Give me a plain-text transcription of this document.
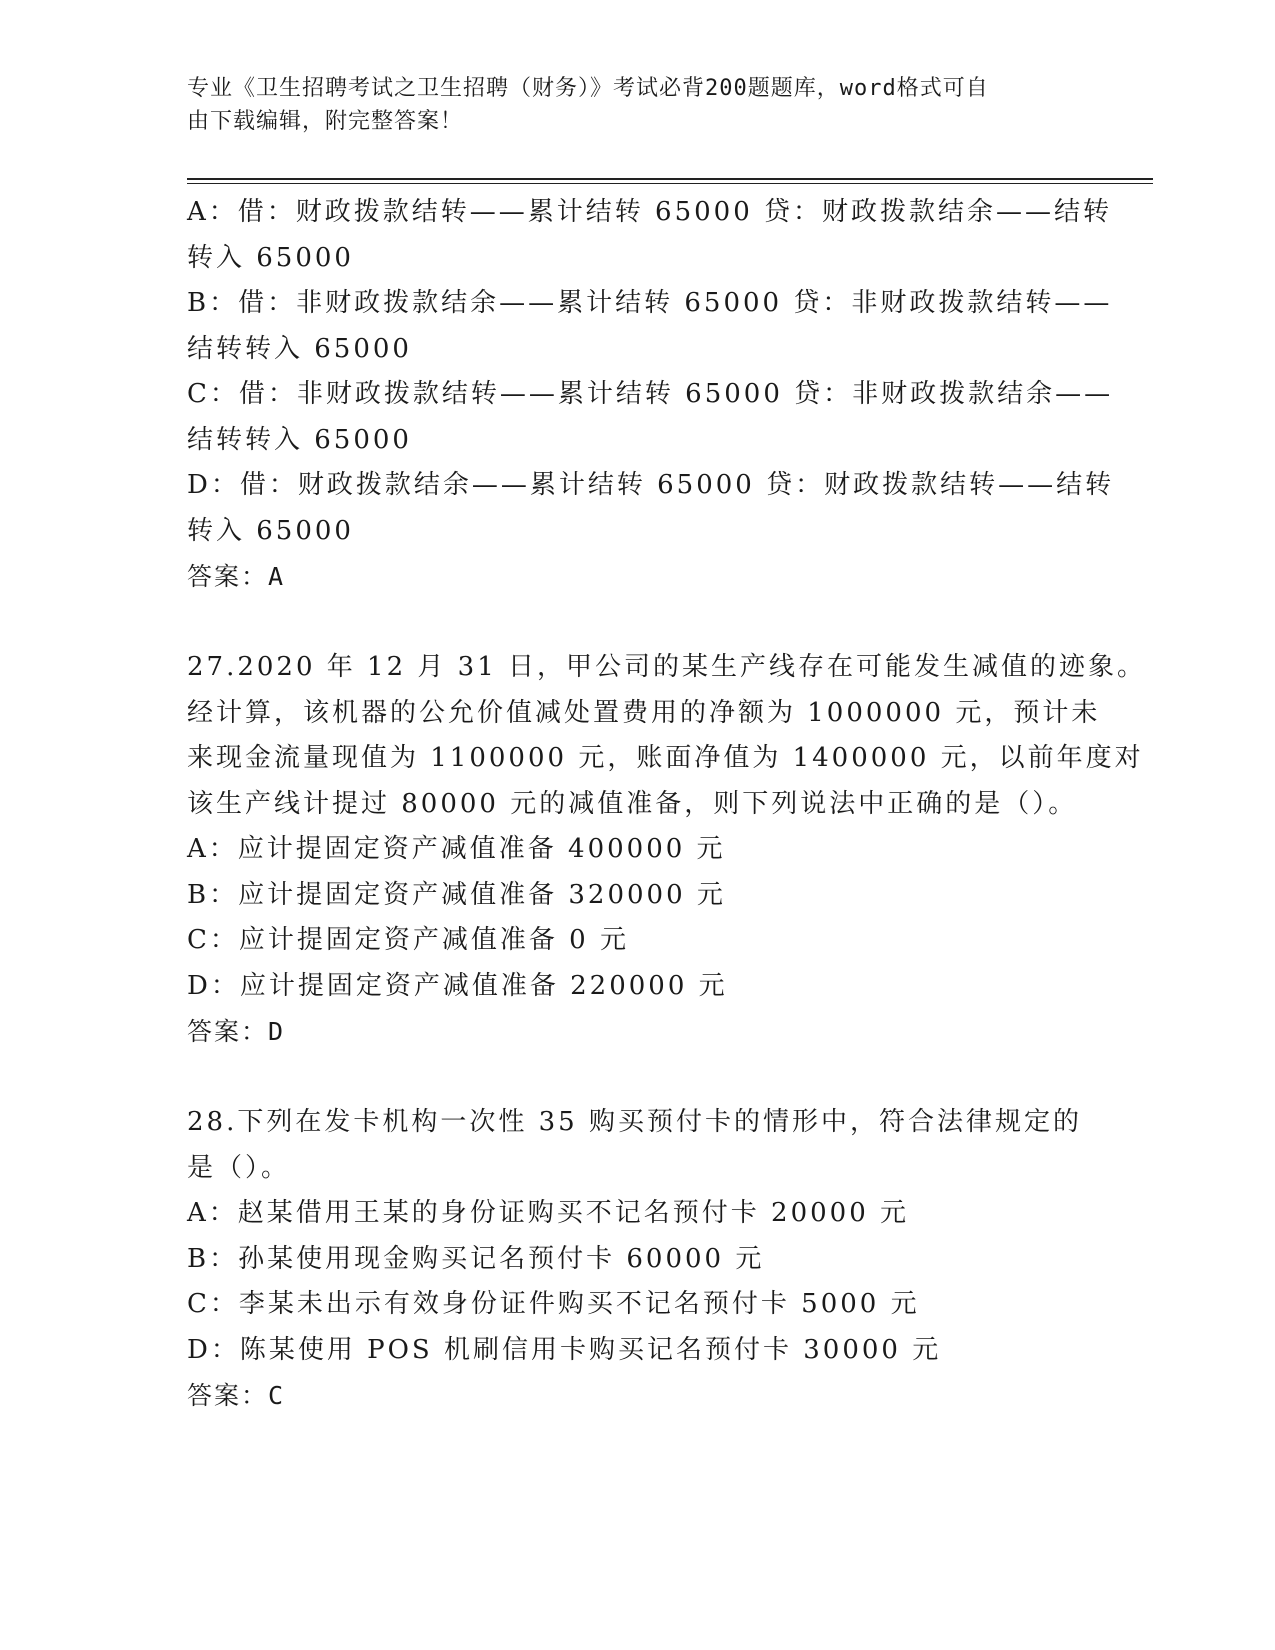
专业《卫生招聘考试之卫生招聘（财务）》考试必背200题题库，word格式可自
由下载编辑，附完整答案！
A：借：财政拨款结转——累计结转 65000 贷：财政拨款结余——结转
转入 65000
B：借：非财政拨款结余——累计结转 65000 贷：非财政拨款结转——
结转转入 65000
C：借：非财政拨款结转——累计结转 65000 贷：非财政拨款结余——
结转转入 65000
D：借：财政拨款结余——累计结转 65000 贷：财政拨款结转——结转
转入 65000
答案：A
27.2020 年 12 月 31 日，甲公司的某生产线存在可能发生减值的迹象。
经计算，该机器的公允价值减处置费用的净额为 1000000 元，预计未
来现金流量现值为 1100000 元，账面净值为 1400000 元，以前年度对
该生产线计提过 80000 元的减值准备，则下列说法中正确的是（）。
A：应计提固定资产减值准备 400000 元
B：应计提固定资产减值准备 320000 元
C：应计提固定资产减值准备 0 元
D：应计提固定资产减值准备 220000 元
答案：D
28.下列在发卡机构一次性 35 购买预付卡的情形中，符合法律规定的
是（）。
A：赵某借用王某的身份证购买不记名预付卡 20000 元
B：孙某使用现金购买记名预付卡 60000 元
C：李某未出示有效身份证件购买不记名预付卡 5000 元
D：陈某使用 POS 机刷信用卡购买记名预付卡 30000 元
答案：C
